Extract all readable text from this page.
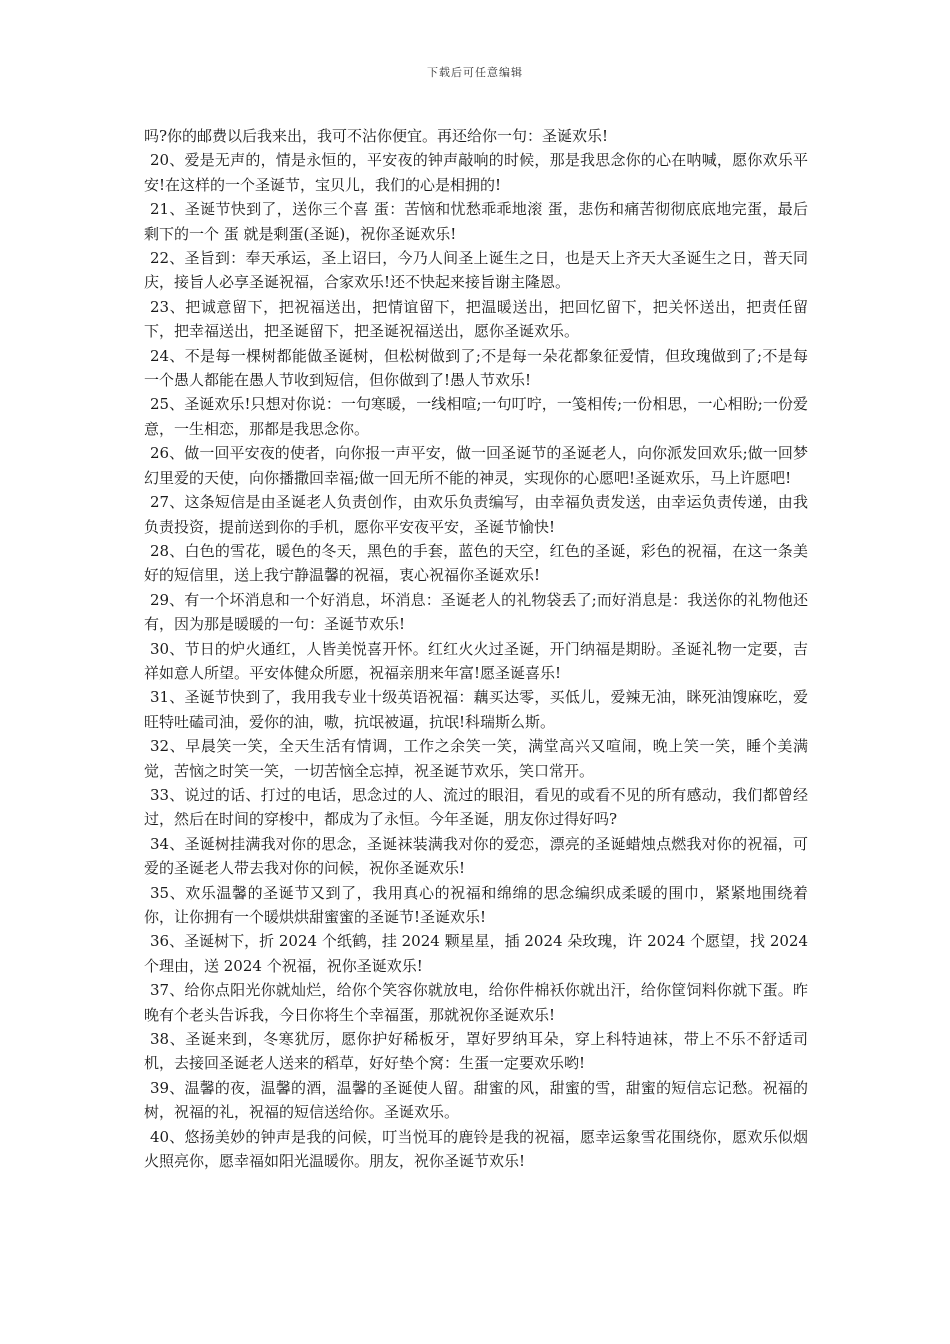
下载后可任意编辑

吗?你的邮费以后我来出，我可不沾你便宜。再还给你一句：圣诞欢乐!

20、爱是无声的，情是永恒的，平安夜的钟声敲响的时候，那是我思念你的心在呐喊，愿你欢乐平安!在这样的一个圣诞节，宝贝儿，我们的心是相拥的!

21、圣诞节快到了，送你三个喜 蛋：苦恼和忧愁乖乖地滚 蛋，悲伤和痛苦彻彻底底地完蛋，最后剩下的一个 蛋 就是剩蛋(圣诞)，祝你圣诞欢乐!

22、圣旨到：奉天承运，圣上诏曰，今乃人间圣上诞生之日，也是天上齐天大圣诞生之日，普天同庆，接旨人必享圣诞祝福，合家欢乐!还不快起来接旨谢主隆恩。

23、把诚意留下，把祝福送出，把情谊留下，把温暖送出，把回忆留下，把关怀送出，把责任留下，把幸福送出，把圣诞留下，把圣诞祝福送出，愿你圣诞欢乐。

24、不是每一棵树都能做圣诞树，但松树做到了;不是每一朵花都象征爱情，但玫瑰做到了;不是每一个愚人都能在愚人节收到短信，但你做到了!愚人节欢乐!

25、圣诞欢乐!只想对你说：一句寒暖，一线相喧;一句叮咛，一笺相传;一份相思，一心相盼;一份爱意，一生相恋，那都是我思念你。

26、做一回平安夜的使者，向你报一声平安，做一回圣诞节的圣诞老人，向你派发回欢乐;做一回梦幻里爱的天使，向你播撒回幸福;做一回无所不能的神灵，实现你的心愿吧!圣诞欢乐，马上许愿吧!

27、这条短信是由圣诞老人负责创作，由欢乐负责编写，由幸福负责发送，由幸运负责传递，由我负责投资，提前送到你的手机，愿你平安夜平安，圣诞节愉快!

28、白色的雪花，暖色的冬天，黑色的手套，蓝色的天空，红色的圣诞，彩色的祝福，在这一条美好的短信里，送上我宁静温馨的祝福，衷心祝福你圣诞欢乐!

29、有一个坏消息和一个好消息，坏消息：圣诞老人的礼物袋丢了;而好消息是：我送你的礼物他还有，因为那是暖暖的一句：圣诞节欢乐!

30、节日的炉火通红，人皆美悦喜开怀。红红火火过圣诞，开门纳福是期盼。圣诞礼物一定要，吉祥如意人所望。平安体健众所愿，祝福亲朋来年富!愿圣诞喜乐!

31、圣诞节快到了，我用我专业十级英语祝福：藕买达零，买低儿，爱辣无油，眯死油馊麻吃，爱旺特吐磕司油，爱你的油，嗷，抗氓被逼，抗氓!科瑞斯么斯。

32、早晨笑一笑，全天生活有情调，工作之余笑一笑，满堂高兴又喧闹，晚上笑一笑，睡个美满觉，苦恼之时笑一笑，一切苦恼全忘掉，祝圣诞节欢乐，笑口常开。

33、说过的话、打过的电话，思念过的人、流过的眼泪，看见的或看不见的所有感动，我们都曾经过，然后在时间的穿梭中，都成为了永恒。今年圣诞，朋友你过得好吗?

34、圣诞树挂满我对你的思念，圣诞袜装满我对你的爱恋，漂亮的圣诞蜡烛点燃我对你的祝福，可爱的圣诞老人带去我对你的问候，祝你圣诞欢乐!

35、欢乐温馨的圣诞节又到了，我用真心的祝福和绵绵的思念编织成柔暖的围巾，紧紧地围绕着你，让你拥有一个暖烘烘甜蜜蜜的圣诞节!圣诞欢乐!

36、圣诞树下，折 2024 个纸鹤，挂 2024 颗星星，插 2024 朵玫瑰，许 2024 个愿望，找 2024 个理由，送 2024 个祝福，祝你圣诞欢乐!

37、给你点阳光你就灿烂，给你个笑容你就放电，给你件棉袄你就出汗，给你筐饲料你就下蛋。昨晚有个老头告诉我，今日你将生个幸福蛋，那就祝你圣诞欢乐!

38、圣诞来到，冬寒犹厉，愿你护好稀板牙，罩好罗纳耳朵，穿上科特迪袜，带上不乐不舒适司机，去接回圣诞老人送来的稻草，好好垫个窝：生蛋一定要欢乐哟!

39、温馨的夜，温馨的酒，温馨的圣诞使人留。甜蜜的风，甜蜜的雪，甜蜜的短信忘记愁。祝福的树，祝福的礼，祝福的短信送给你。圣诞欢乐。

40、悠扬美妙的钟声是我的问候，叮当悦耳的鹿铃是我的祝福，愿幸运象雪花围绕你，愿欢乐似烟火照亮你，愿幸福如阳光温暖你。朋友，祝你圣诞节欢乐!
